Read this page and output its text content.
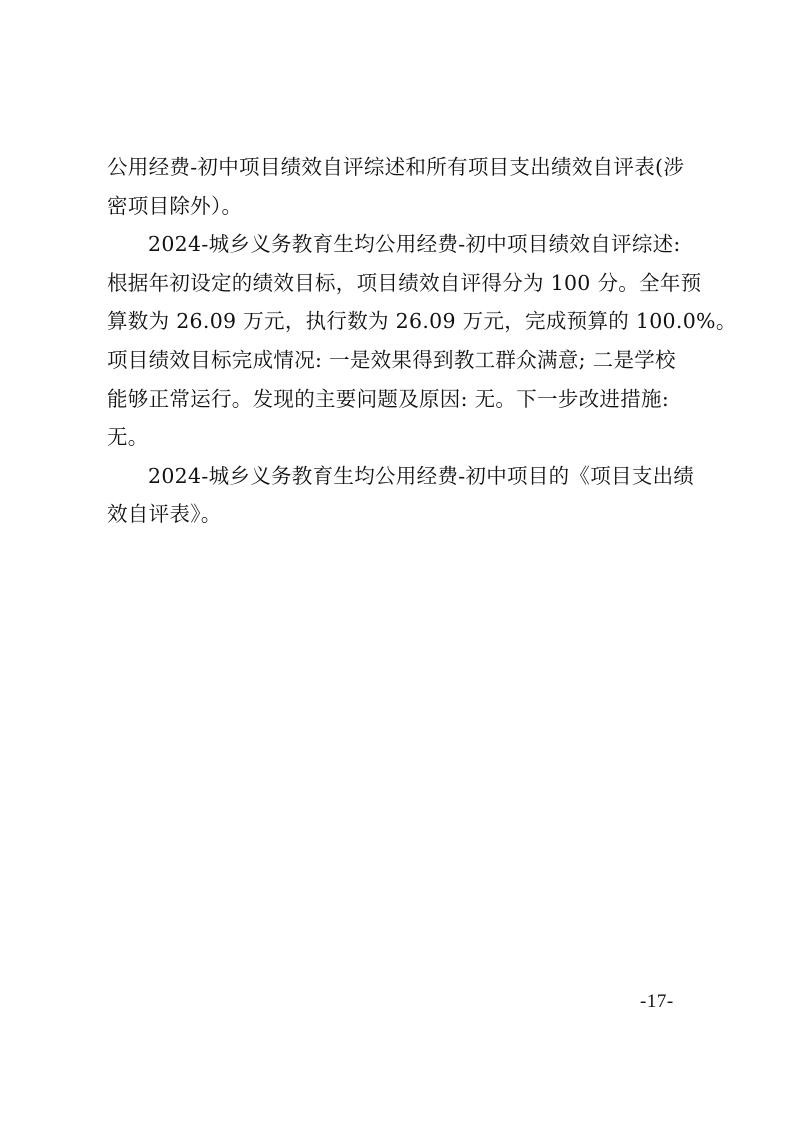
公用经费-初中项目绩效自评综述和所有项目支出绩效自评表(涉
密项目除外）。
2024-城乡义务教育生均公用经费-初中项目绩效自评综述:
根据年初设定的绩效目标，项目绩效自评得分为 100 分。全年预
算数为 26.09 万元，执行数为 26.09 万元，完成预算的 100.0%。
项目绩效目标完成情况: 一是效果得到教工群众满意; 二是学校
能够正常运行。发现的主要问题及原因: 无。下一步改进措施:
无。
2024-城乡义务教育生均公用经费-初中项目的《项目支出绩
效自评表》。
-17-
